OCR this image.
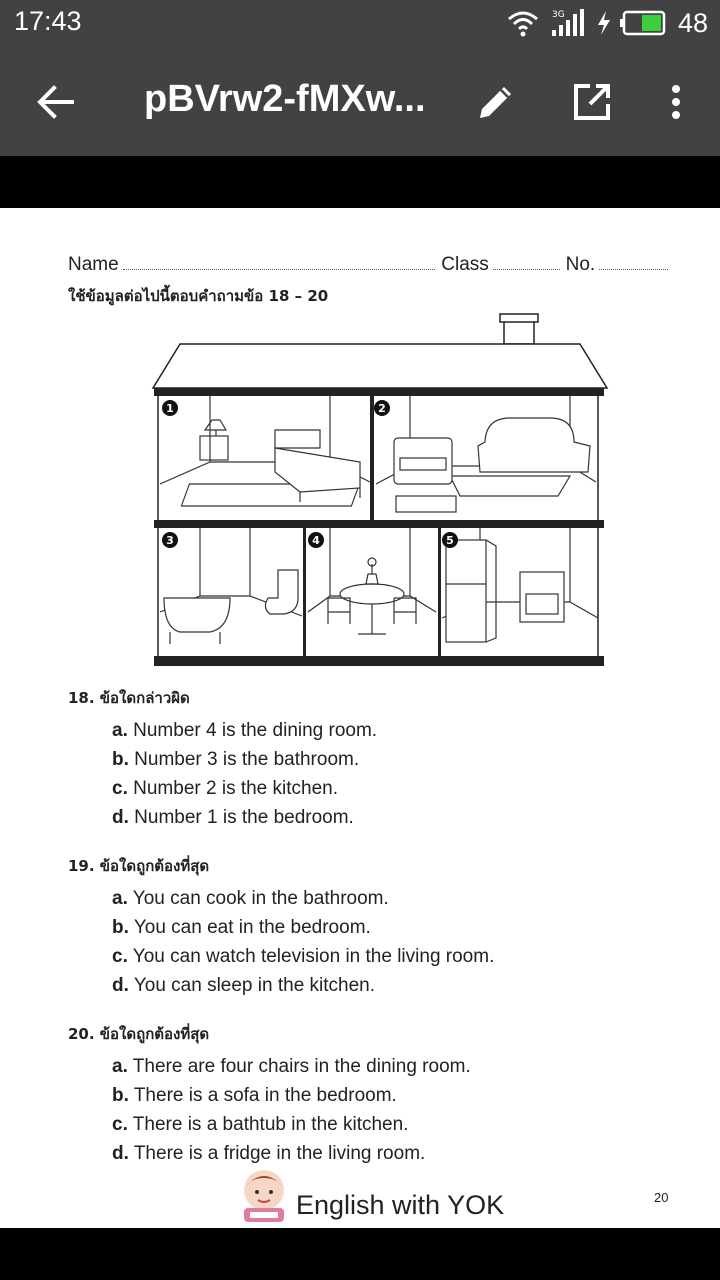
17:43	3G	48
pBVrw2-fMXw...
Name	Class	No.
ใช้ข้อมูลต่อไปนี้ตอบคำถามข้อ 18 – 20
1	2
3	4	5
18. ข้อใดกล่าวผิด
a. Number 4 is the dining room.
b. Number 3 is the bathroom.
c. Number 2 is the kitchen.
d. Number 1 is the bedroom.
19. ข้อใดถูกต้องที่สุด
a. You can cook in the bathroom.
b. You can eat in the bedroom.
c. You can watch television in the living room.
d. You can sleep in the kitchen.
20. ข้อใดถูกต้องที่สุด
a. There are four chairs in the dining room.
b. There is a sofa in the bedroom.
c. There is a bathtub in the kitchen.
d. There is a fridge in the living room.
English with YOK	20
